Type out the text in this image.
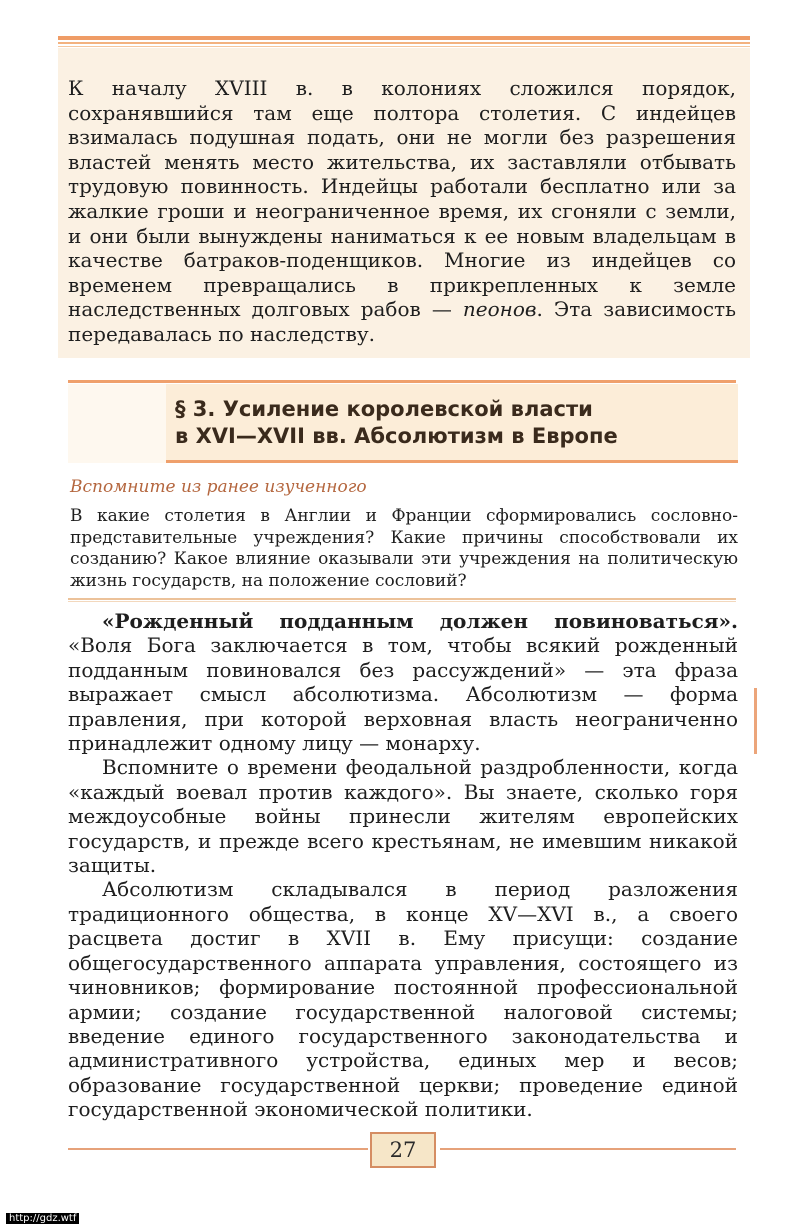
К началу XVIII в. в колониях сложился порядок, сохранявшийся там еще полтора столетия. С индейцев взималась подушная подать, они не могли без разрешения властей менять место жительства, их заставляли отбывать трудовую повинность. Индейцы работали бесплатно или за жалкие гроши и неограниченное время, их сгоняли с земли, и они были вынуждены наниматься к ее новым владельцам в качестве батраков-поденщиков. Многие из индейцев со временем превращались в прикрепленных к земле наследственных долговых рабов — пеонов. Эта зависимость передавалась по наследству.

§ 3. Усиление королевской власти
в XVI—XVII вв. Абсолютизм в Европе

Вспомните из ранее изученного

В какие столетия в Англии и Франции сформировались сословно-представительные учреждения? Какие причины способствовали их созданию? Какое влияние оказывали эти учреждения на политическую жизнь государств, на положение сословий?

«Рожденный подданным должен повиноваться». «Воля Бога заключается в том, чтобы всякий рожденный подданным повиновался без рассуждений» — эта фраза выражает смысл абсолютизма. Абсолютизм — форма правления, при которой верховная власть неограниченно принадлежит одному лицу — монарху.

Вспомните о времени феодальной раздробленности, когда «каждый воевал против каждого». Вы знаете, сколько горя междоусобные войны принесли жителям европейских государств, и прежде всего крестьянам, не имевшим никакой защиты.

Абсолютизм складывался в период разложения традиционного общества, в конце XV—XVI в., а своего расцвета достиг в XVII в. Ему присущи: создание общегосударственного аппарата управления, состоящего из чиновников; формирование постоянной профессиональной армии; создание государственной налоговой системы; введение единого государственного законодательства и административного устройства, единых мер и весов; образование государственной церкви; проведение единой государственной экономической политики.

27
http://gdz.wtf
